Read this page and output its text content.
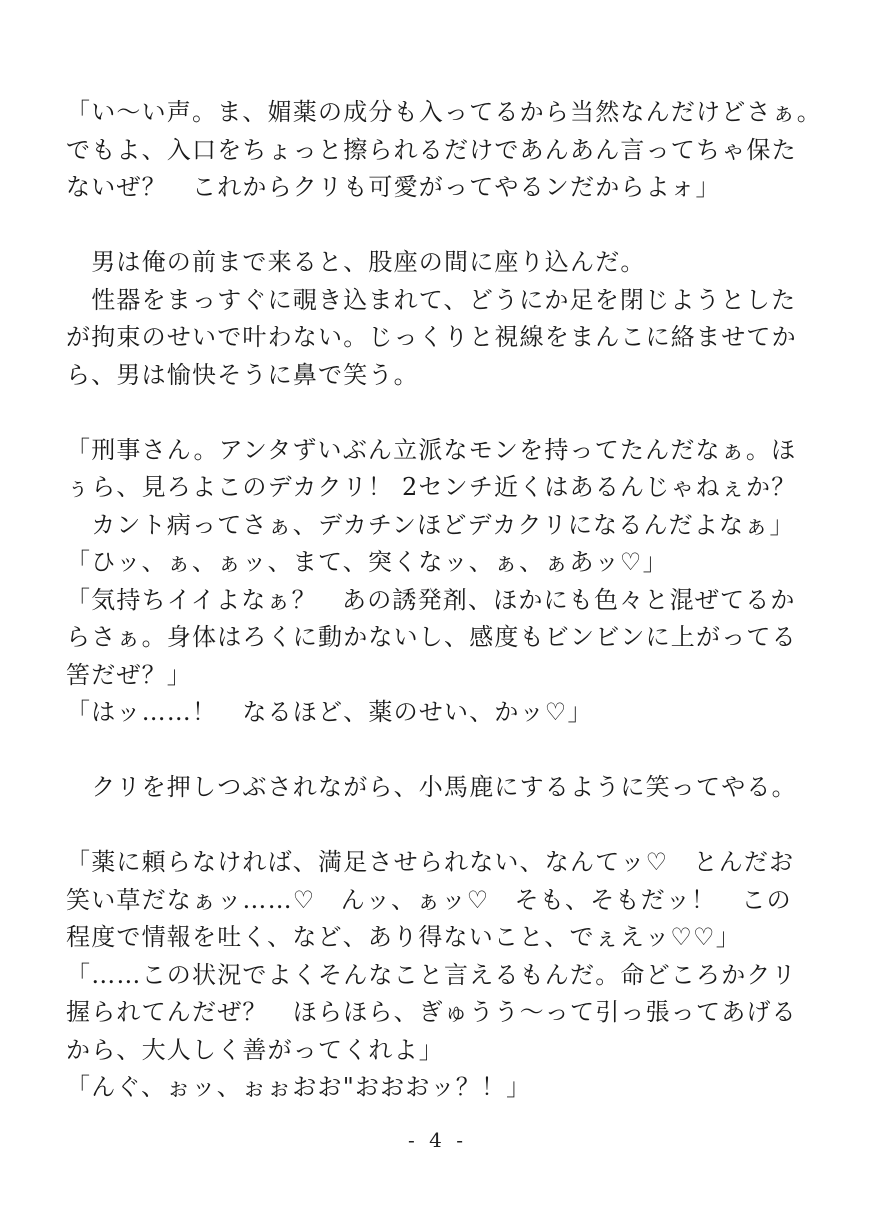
「い〜い声。ま、媚薬の成分も入ってるから当然なんだけどさぁ。
でもよ、入口をちょっと擦られるだけであんあん言ってちゃ保た
ないぜ？　これからクリも可愛がってやるンだからよォ」
　男は俺の前まで来ると、股座の間に座り込んだ。
　性器をまっすぐに覗き込まれて、どうにか足を閉じようとした
が拘束のせいで叶わない。じっくりと視線をまんこに絡ませてか
ら、男は愉快そうに鼻で笑う。
「刑事さん。アンタずいぶん立派なモンを持ってたんだなぁ。ほ
ぅら、見ろよこのデカクリ！ 2センチ近くはあるんじゃねぇか？
　カント病ってさぁ、デカチンほどデカクリになるんだよなぁ」
「ひッ、ぁ、ぁッ、まて、突くなッ、ぁ、ぁあッ♡」
「気持ちイイよなぁ？　あの誘発剤、ほかにも色々と混ぜてるか
らさぁ。身体はろくに動かないし、感度もビンビンに上がってる
筈だぜ？」
「はッ……！　なるほど、薬のせい、かッ♡」
　クリを押しつぶされながら、小馬鹿にするように笑ってやる。
「薬に頼らなければ、満足させられない、なんてッ♡　とんだお
笑い草だなぁッ……♡　んッ、ぁッ♡　そも、そもだッ！　この
程度で情報を吐く、など、あり得ないこと、でぇえッ♡♡」
「……この状況でよくそんなこと言えるもんだ。命どころかクリ
握られてんだぜ？　ほらほら、ぎゅうう〜って引っ張ってあげる
から、大人しく善がってくれよ」
「んぐ、ぉッ、ぉぉおお"おおおッ？！」
- 4 -
